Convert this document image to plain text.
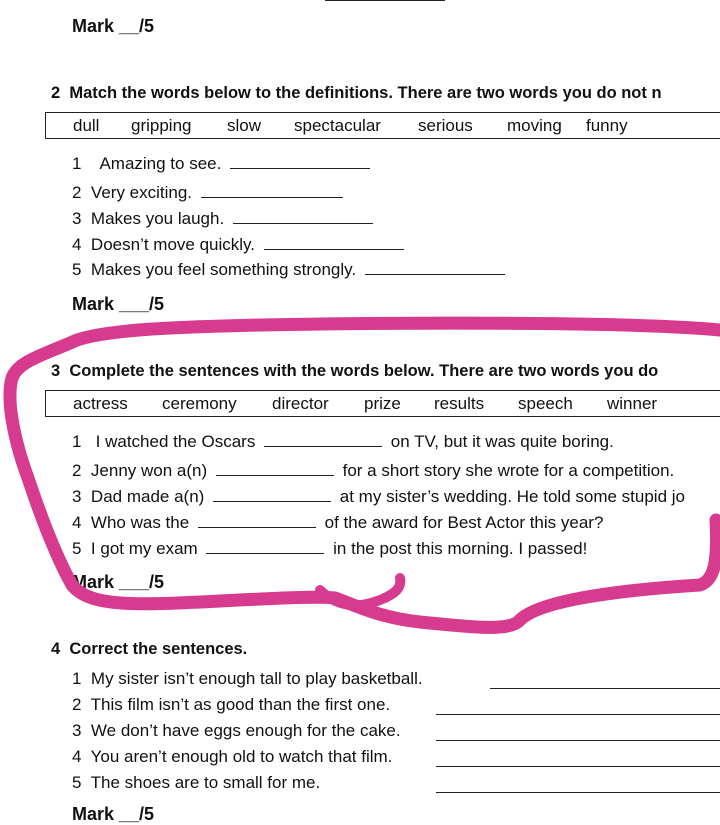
Mark __/5
2 Match the words below to the definitions. There are two words you do not n
dull gripping slow spectacular serious moving funny
1 Amazing to see.
2 Very exciting.
3 Makes you laugh.
4 Doesn’t move quickly.
5 Makes you feel something strongly.
Mark ___/5
3 Complete the sentences with the words below. There are two words you do
actress ceremony director prize results speech winner
1 I watched the Oscars	on TV, but it was quite boring.
2 Jenny won a(n)	for a short story she wrote for a competition.
3 Dad made a(n)	at my sister’s wedding. He told some stupid jo
4 Who was the	of the award for Best Actor this year?
5 I got my exam	in the post this morning. I passed!
Mark ___/5
4 Correct the sentences.
1 My sister isn’t enough tall to play basketball.
2 This film isn’t as good than the first one.
3 We don’t have eggs enough for the cake.
4 You aren’t enough old to watch that film.
5 The shoes are to small for me.
Mark __/5
